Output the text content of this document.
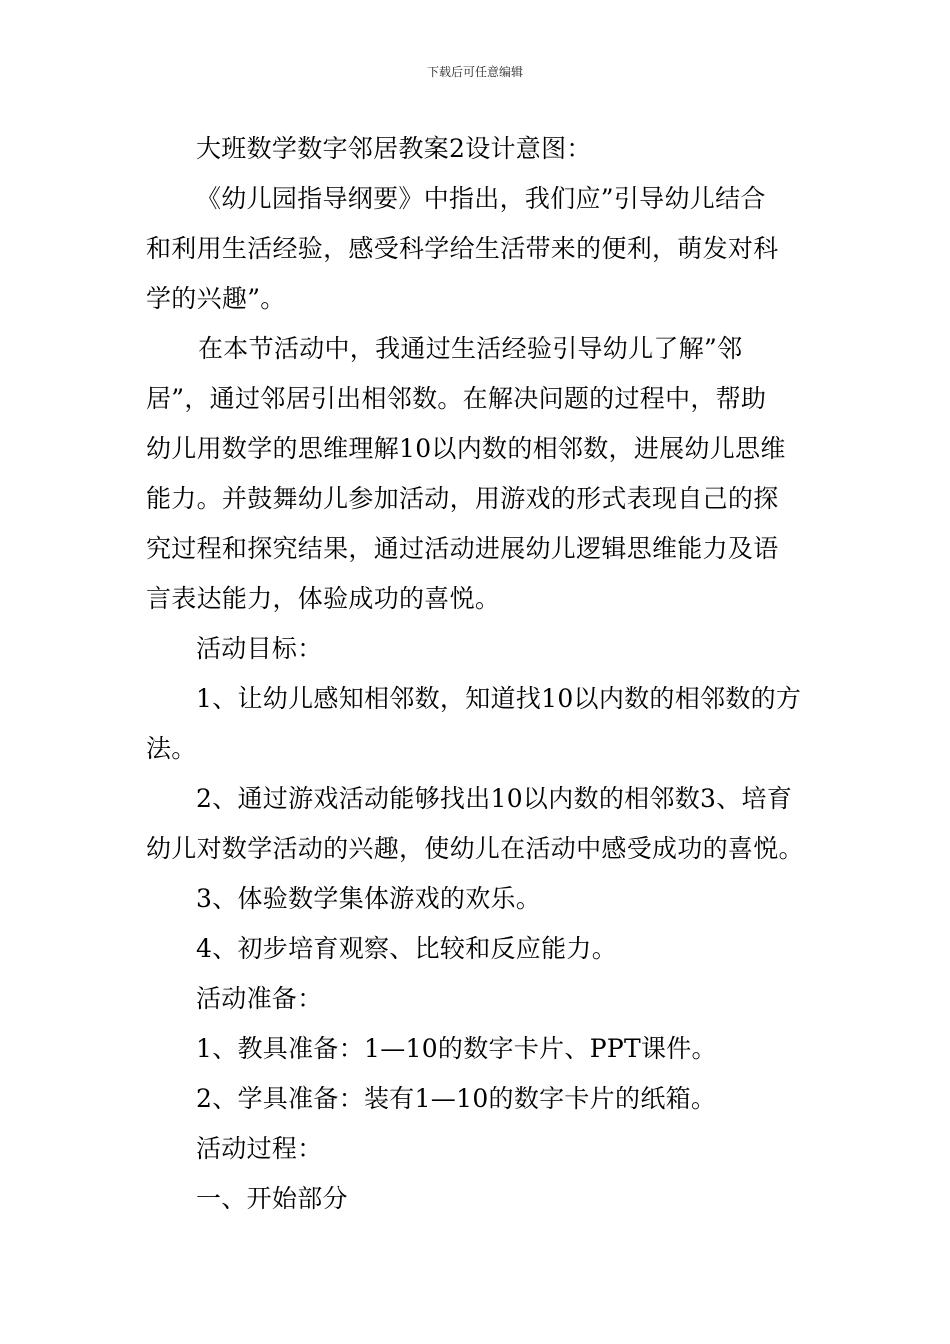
下载后可任意编辑

大班数学数字邻居教案2设计意图：

《幼儿园指导纲要》中指出，我们应”引导幼儿结合

和利用生活经验，感受科学给生活带来的便利，萌发对科

学的兴趣”。

在本节活动中，我通过生活经验引导幼儿了解”邻

居”，通过邻居引出相邻数。在解决问题的过程中，帮助

幼儿用数学的思维理解10以内数的相邻数，进展幼儿思维

能力。并鼓舞幼儿参加活动，用游戏的形式表现自己的探

究过程和探究结果，通过活动进展幼儿逻辑思维能力及语

言表达能力，体验成功的喜悦。

活动目标：

1、让幼儿感知相邻数，知道找10以内数的相邻数的方

法。

2、通过游戏活动能够找出10以内数的相邻数3、培育

幼儿对数学活动的兴趣，使幼儿在活动中感受成功的喜悦。

3、体验数学集体游戏的欢乐。

4、初步培育观察、比较和反应能力。

活动准备：

1、教具准备：1—10的数字卡片、PPT课件。

2、学具准备：装有1—10的数字卡片的纸箱。

活动过程：

一、开始部分
